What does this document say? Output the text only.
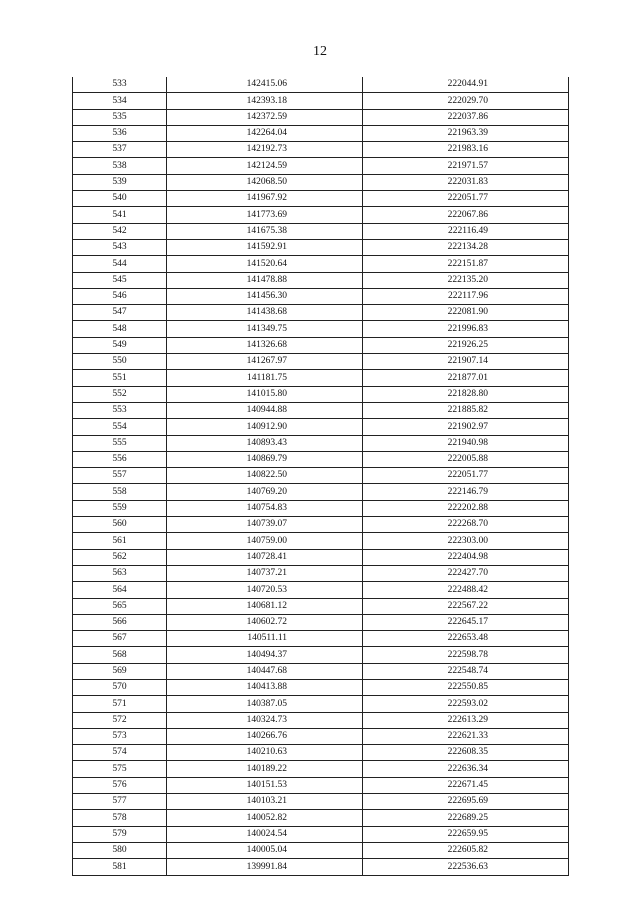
12
533	142415.06	222044.91
534	142393.18	222029.70
535	142372.59	222037.86
536	142264.04	221963.39
537	142192.73	221983.16
538	142124.59	221971.57
539	142068.50	222031.83
540	141967.92	222051.77
541	141773.69	222067.86
542	141675.38	222116.49
543	141592.91	222134.28
544	141520.64	222151.87
545	141478.88	222135.20
546	141456.30	222117.96
547	141438.68	222081.90
548	141349.75	221996.83
549	141326.68	221926.25
550	141267.97	221907.14
551	141181.75	221877.01
552	141015.80	221828.80
553	140944.88	221885.82
554	140912.90	221902.97
555	140893.43	221940.98
556	140869.79	222005.88
557	140822.50	222051.77
558	140769.20	222146.79
559	140754.83	222202.88
560	140739.07	222268.70
561	140759.00	222303.00
562	140728.41	222404.98
563	140737.21	222427.70
564	140720.53	222488.42
565	140681.12	222567.22
566	140602.72	222645.17
567	140511.11	222653.48
568	140494.37	222598.78
569	140447.68	222548.74
570	140413.88	222550.85
571	140387.05	222593.02
572	140324.73	222613.29
573	140266.76	222621.33
574	140210.63	222608.35
575	140189.22	222636.34
576	140151.53	222671.45
577	140103.21	222695.69
578	140052.82	222689.25
579	140024.54	222659.95
580	140005.04	222605.82
581	139991.84	222536.63
